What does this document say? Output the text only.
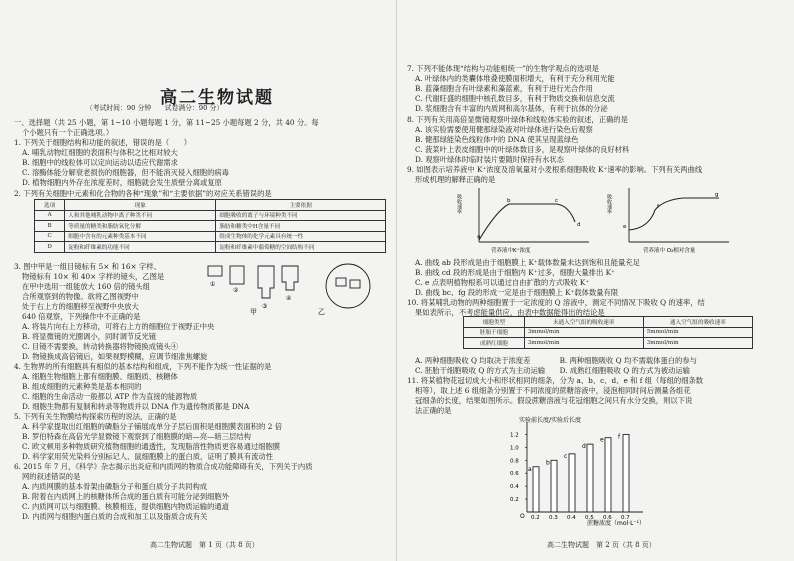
高二生物试题
（考试时间：90 分钟　　试卷满分：90 分）
一、选择题（共 25 小题，第 1~10 小题每题 1 分，第 11~25 小题每题 2 分，共 40 分。每
个小题只有一个正确选项。）
1. 下列关于细胞结构和功能的叙述，错误的是（　　）
A. 哺乳动物红细胞的表面积与体积之比相对较大
B. 细胞中的线粒体可以定向运动以适应代谢需求
C. 溶酶体能分解衰老损伤的细胞器，但不能消灭侵入细胞的病毒
D. 植物细胞内外存在浓度差时，细胞就会发生质壁分离或复原
2. 下列有关细胞中元素和化合物的各种“现象”和“主要依据”的对应关系错误的是
3. 图中甲是一组目镜标有 5× 和 16× 字样、
物镜标有 10× 和 40× 字样的镜头，乙图是
在甲中选用一组能放大 160 倍的镜头组
合所观察到的物像。欲将乙图视野中
处于右上方的细胞移至视野中央放大
640 倍观察，下列操作中不正确的是
A. 将装片向右上方移动，可将右上方的细胞位于视野正中央
B. 将显微镜的光圈调小，同时调节反光镜
C. 目镜不需要换，转动转换器将物镜换成镜头④
D. 物镜换成高倍镜后，如果视野模糊，应调节细准焦螺旋
4. 生物界的所有细胞具有相似的基本结构和组成，下列不能作为统一性证据的是
A. 细胞生物细胞上都有细胞膜、细胞质、核糖体
B. 组成细胞的元素种类是基本相同的
C. 细胞的生命活动一般都以 ATP 作为直接的能源物质
D. 细胞生物都有复制和转录等物质并以 DNA 作为遗传物质都是 DNA
5. 下列有关生物膜结构探索历程的说法，正确的是
A. 科学家提取出红细胞的磷脂分子铺展成单分子层后面积是细胞膜表面积的 2 倍
B. 罗伯特森在高倍光学显微镜下观察到了细胞膜的暗—亮—暗三层结构
C. 欧文顿用多种物质研究植物细胞的通透性，发现脂溶性物质更容易通过细胞膜
D. 科学家用荧光染料分别标记人、鼠细胞膜上的蛋白质，证明了膜具有流动性
6. 2015 年 7 月，《科学》杂志揭示出炎症和内质网的物质合成功能障碍有关，下列关于内质
网的叙述错误的是
A. 内质网膜的基本骨架由磷脂分子和蛋白质分子共同构成
B. 附着在内质网上的核糖体所合成的蛋白质有可能分泌到细胞外
C. 内质网可以与细胞膜、核膜相连，提供细胞内物质运输的通道
D. 内质网与细胞内蛋白质的合成和加工以及脂质合成有关
选项	现象	主要依据
A	人和其他哺乳动物中离子种类不同	细胞吸收的离子与环境种类不同
B	等质量的糖类和脂肪氧化分解	脂肪和糖类中H含量不同
C	细胞中含有的元素种类基本不同	组成生物体的化学元素具有统一性
D	淀粉和纤维素的功能不同	淀粉和纤维素中葡萄糖的空间结构不同
①
②
③
④
甲	乙
高二生物试题　第 1 页（共 8 页）
7. 下列不能体现“结构与功能相统一”的生物学观点的选项是
A. 叶绿体内的类囊体堆叠使膜面积增大，有利于充分利用光能
B. 蓝藻细胞含有叶绿素和藻蓝素，有利于进行光合作用
C. 代谢旺盛的细胞中核孔数目多，有利于物质交换和信息交流
D. 浆细胞含有丰富的内质网和高尔基体，有利于抗体的分泌
8. 下列有关用高倍显微镜观察叶绿体和线粒体实验的叙述，正确的是
A. 该实验需要使用健那绿染液对叶绿体进行染色后观察
B. 健那绿能染色线粒体中的 DNA 使其呈现蓝绿色
C. 菠菜叶上表皮细胞中的叶绿体数目多，是观察叶绿体的良好材料
D. 观察叶绿体时临时装片要随时保持有水状态
9. 如图表示培养液中 K⁺浓度及溶氧量对小麦根系细胞吸收 K⁺速率的影响。下列有关两曲线
形成机理的解释正确的是
A. 曲线 ab 段形成是由于细胞膜上 K⁺载体数量未达到饱和且能量充足
B. 曲线 cd 段的形成是由于细胞内 K⁺过多，细胞大量排出 K⁺
C. e 点表明植物根系可以通过自由扩散的方式吸收 K⁺
D. 曲线 bc、fg 段的形成一定是由于细胞膜上 K⁺载体数量有限
10. 将某哺乳动物的两种细胞置于一定浓度的 Q 溶液中，测定不同情况下吸收 Q 的速率，结
果如表所示，不考虑能量供应，由表中数据能得出的结论是
A. 两种细胞吸收 Q 均取决于浓度差　　　　B. 两种细胞吸收 Q 均不需载体蛋白的参与
C. 胚胎干细胞吸收 Q 的方式为主动运输　　D. 成熟红细胞吸收 Q 的方式为被动运输
11. 将某植物花冠切成大小和形状相同的细条，分为 a、b、c、d、e 和 f 组（每组的细条数
相等），取上述 6 组细条分别置于不同浓度的蔗糖溶液中，浸泡相同时间后测量各组花
冠细条的长度，结果如图所示。假设蔗糖溶液与花冠细胞之间只有水分交换，则以下说
法正确的是
吸收速率
营养液中K⁺浓度
a
b	c
d
吸收速率
营养液中 O₂相对含量
e
f
g
细胞类型	未通入空气组的吸收速率	通入空气组的吸收速率
胚胎干细胞	3mmol/min	5mmol/min
成熟红细胞	3mmol/min	3mmol/min
实验前长度/实验后长度
蔗糖浓度（mol·L⁻¹）
O
0.2
0.4
0.6
0.8
1.0
1.2
a
0.2
b
0.3
c
0.4
d
0.5
e
0.6
f
0.7
高二生物试题　第 2 页（共 8 页）
